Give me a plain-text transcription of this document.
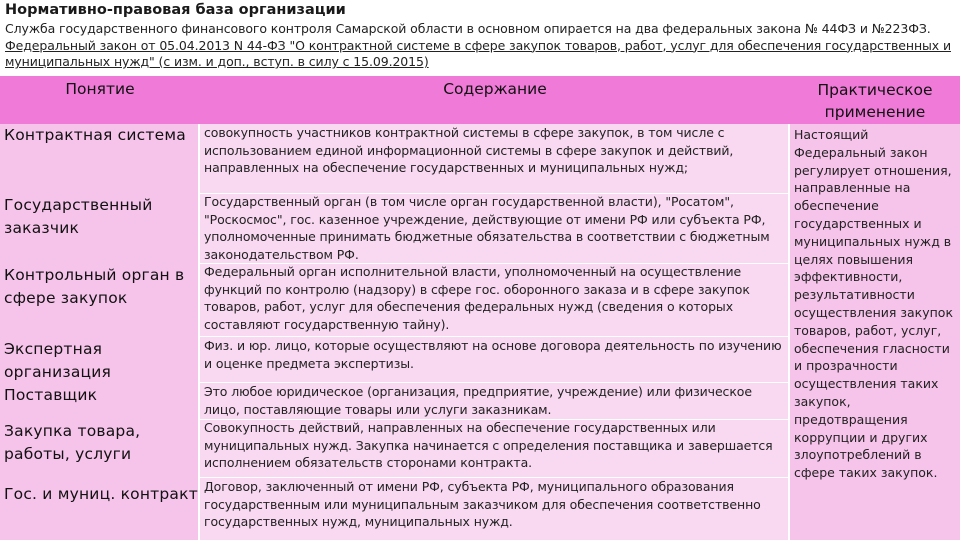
Нормативно-правовая база организации
Служба государственного финансового контроля Самарской области в основном опирается на два федеральных закона № 44ФЗ и №223ФЗ. Федеральный закон от 05.04.2013 N 44-ФЗ "О контрактной системе в сфере закупок товаров, работ, услуг для обеспечения государственных и муниципальных нужд" (с изм. и доп., вступ. в силу с 15.09.2015)
Понятие	Содержание	Практическое применение
Контрактная система
Государственный заказчик
Контрольный орган в сфере закупок
Экспертная организация
Поставщик
Закупка товара, работы, услуги
Гос. и муниц. контракт
совокупность участников контрактной системы в сфере закупок, в том числе с использованием единой информационной системы в сфере закупок и действий, направленных на обеспечение государственных и муниципальных нужд;
Государственный орган (в том числе орган государственной власти), "Росатом", "Роскосмос", гос. казенное учреждение, действующие от имени РФ или субъекта РФ, уполномоченные принимать бюджетные обязательства в соответствии с бюджетным законодательством РФ.
Федеральный орган исполнительной власти, уполномоченный на осуществление функций по контролю (надзору) в сфере гос. оборонного заказа и в сфере закупок товаров, работ, услуг для обеспечения федеральных нужд (сведения о которых составляют государственную тайну).
Физ. и юр. лицо, которые осуществляют на основе договора деятельность по изучению и оценке предмета экспертизы.
Это любое юридическое (организация, предприятие, учреждение) или физическое лицо, поставляющие товары или услуги заказникам.
Совокупность действий, направленных на обеспечение государственных или муниципальных нужд. Закупка начинается с определения поставщика и завершается исполнением обязательств сторонами контракта.
Договор, заключенный от имени РФ, субъекта РФ, муниципального образования государственным или муниципальным заказчиком для обеспечения соответственно государственных нужд, муниципальных нужд.
Настоящий Федеральный закон регулирует отношения, направленные на обеспечение государственных и муниципальных нужд в целях повышения эффективности, результативности осуществления закупок товаров, работ, услуг, обеспечения гласности и прозрачности осуществления таких закупок, предотвращения коррупции и других злоупотреблений в сфере таких закупок.
